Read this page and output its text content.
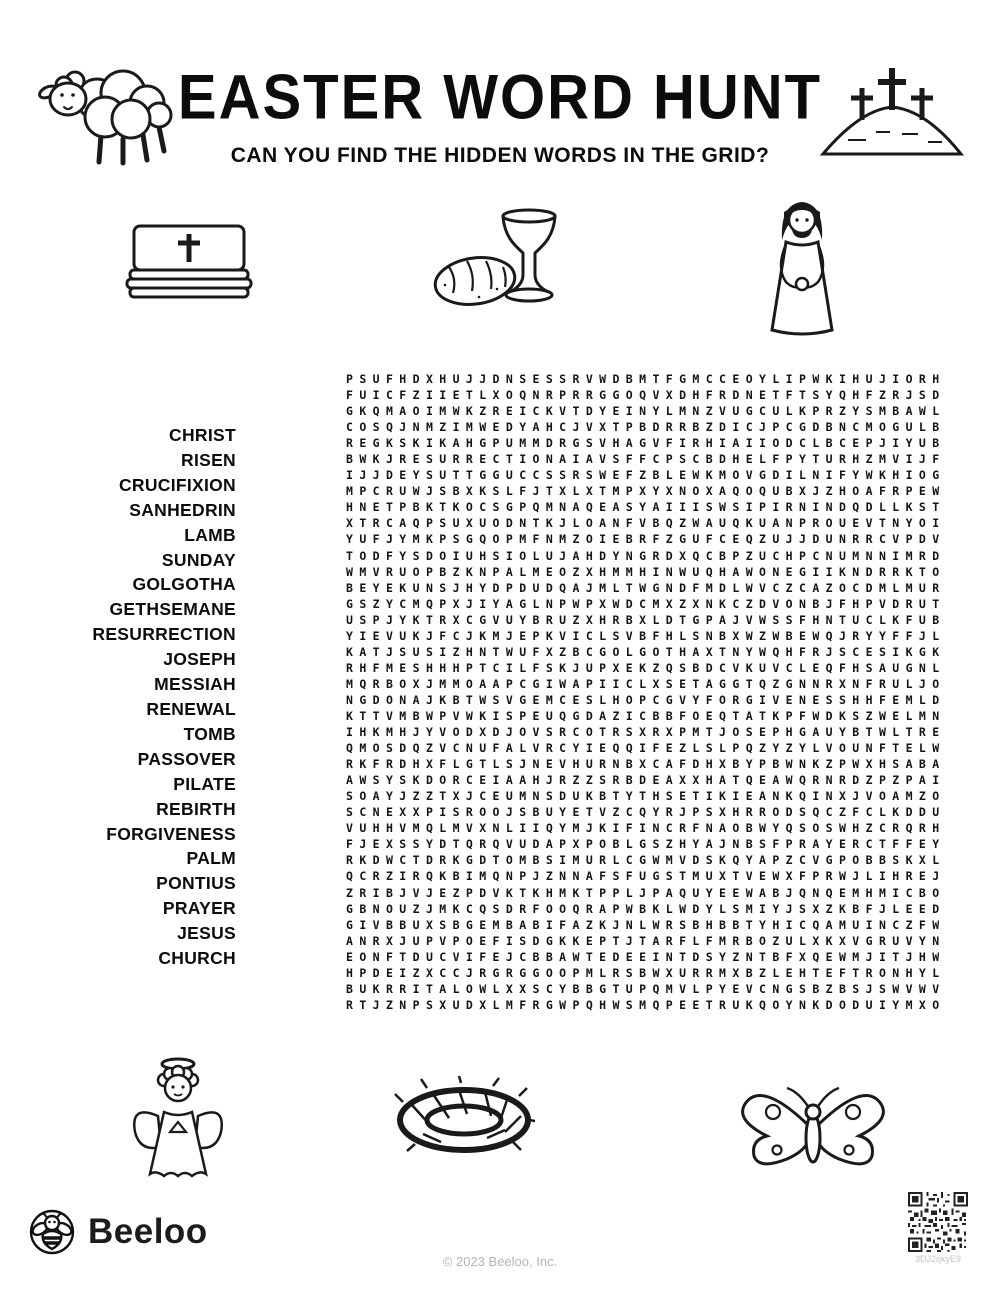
EASTER WORD HUNT
CAN YOU FIND THE HIDDEN WORDS IN THE GRID?
CHRIST
RISEN
CRUCIFIXION
SANHEDRIN
LAMB
SUNDAY
GOLGOTHA
GETHSEMANE
RESURRECTION
JOSEPH
MESSIAH
RENEWAL
TOMB
PASSOVER
PILATE
REBIRTH
FORGIVENESS
PALM
PONTIUS
PRAYER
JESUS
CHURCH
PSUFHDXHUJJDNSESSRVWDBMTFGMCCEOYLIPWKIHUJIORH
FUICFZIIETLXOQNRPRRGGOQVXDHFRDNETFTSYQHFZRJSD
GKQMAOIMWKZREICKVTDYEINYLMNZVUGCULKPRZYSMBAWL
COSQJNMZIMWEDYAHCJVXTPBDRRBZDICJPCGDBNCMOGULB
REGKSKIKAHGPUMMDRGSVHAGVFIRHIAIIODCLBCEPJIYUB
BWKJRESURRECTIONAIAVSFFCPSCBDHELFPYTURHZMVIJF
IJJDEYSUTTGGUCCSSRSWEFZBLEWKMOVGDILNIFYWKHIOG
MPCRUWJSBXKSLFJTXLXTMPXYXNOXAQOQUBXJZHOAFRPEW
HNETPBKTKOCSGPQMNAQEASYAIIISWSIPIRNINDQDLLKST
XTRCAQPSUXUODNTKJLOANFVBQZWAUQKUANPROUEVTNYOI
YUFJYMKPSGQOPMFNMZOIEBRFZGUFCEQZUJJDUNRRCVPDV
TODFYSDOIUHSIOLUJAHDYNGRDXQCBPZUCHPCNUMNNIMRD
WMVRUOPBZKNPALMEOZXHMMHINWUQHAWONEGIIKNDRRKTO
BEYEKUNSJHYDPDUDQAJMLTWGNDFMDLWVCZCAZOCDMLMUR
GSZYCMQPXJIYAGLNPWPXWDCMXZXNKCZDVONBJFHPVDRUT
USPJYKTRXCGVUYBRUZXHRBXLDTGPAJVWSSFHNTUCLKFUB
YIEVUKJFCJKMJEPKVICLSVBFHLSNBXWZWBEWQJRYYFFJL
KATJSUSIZHNTWUFXZBCGOLGOTHAXTNYWQHFRJSCESIKGK
RHFMESHHHPTCILFSKJUPXEKZQSBDCVKUVCLEQFHSAUGNL
MQRBOXJMMOAAPCGIWAPIICLXSETAGGTQZGNNRXNFRULJO
NGDONAJKBTWSVGEMCESLHOPCGVYFORGIVENESSHHFEMLD
KTTVMBWPVWKISPEUQGDAZICBBFOEQTATKPFWDKSZWELMN
IHKMHJYVODXDJOVSRCOTRSXRXPMTJOSEPHGAUYBTWLTRE
QMOSDQZVCNUFALVRCYIEQQIFEZLSLPQZYZYLVOUNFTELW
RKFRDHXFLGTLSJNEVHURNBXCAFDHXBYPBWNKZPWXHSABA
AWSYSKDORCEIAAHJRZZSRBDEAXXHATQEAWQRNRDZPZPAI
SOAYJZZTXJCEUMNSDUKBTYTHSETIKIEANKQINXJVOAMZO
SCNEXXPISROOJSBUYETVZCQYRJPSXHRRODSQCZFCLKDDU
VUHHVMQLMVXNLIIQYMJKIFINCRFNAOBWYQSOSWHZCRQRH
FJEXSSYDTQRQVUDAPXPOBLGSZHYAJNBSFPRAYERCTFFEY
RKDWCTDRKGDTOMBSIMURLCGWMVDSKQYAPZCVGPOBBSKXL
QCRZIRQKBIMQNPJZNNAFSFUGSTMUXTVEWXFPRWJLIHREJ
ZRIBJVJEZPDVKTKHMKTPPLJPAQUYEEWABJQNQEMHMICBO
GBNOUZJMKCQSDRFOOQRAPWBKLWDYLSMIYJSXZKBFJLEED
GIVBBUXSBGEMBABIFAZKJNLWRSBHBBTYHICQAMUINCZFW
ANRXJUPVPOEFISDGKKEPTJTARFLFMRBOZULXKXVGRUVYN
EONFTDUCVIFEJCBBAWTEDEEINTDSYZNTBFXQEWMJITJHW
HPDEIZXCCJRGRGGOOPMLRSBWXURRMXBZLEHTEFTRONHYL
BUKRRITALOWLXXSCYBBGTUPQMVLPYEVCNGSBZBSJSWVWV
RTJZNPSXUDXLMFRGWPQHWSMQPEETRUKQOYNKDODUIYMXO
Beeloo
© 2023 Beeloo, Inc.	3DJ2qkyE9
